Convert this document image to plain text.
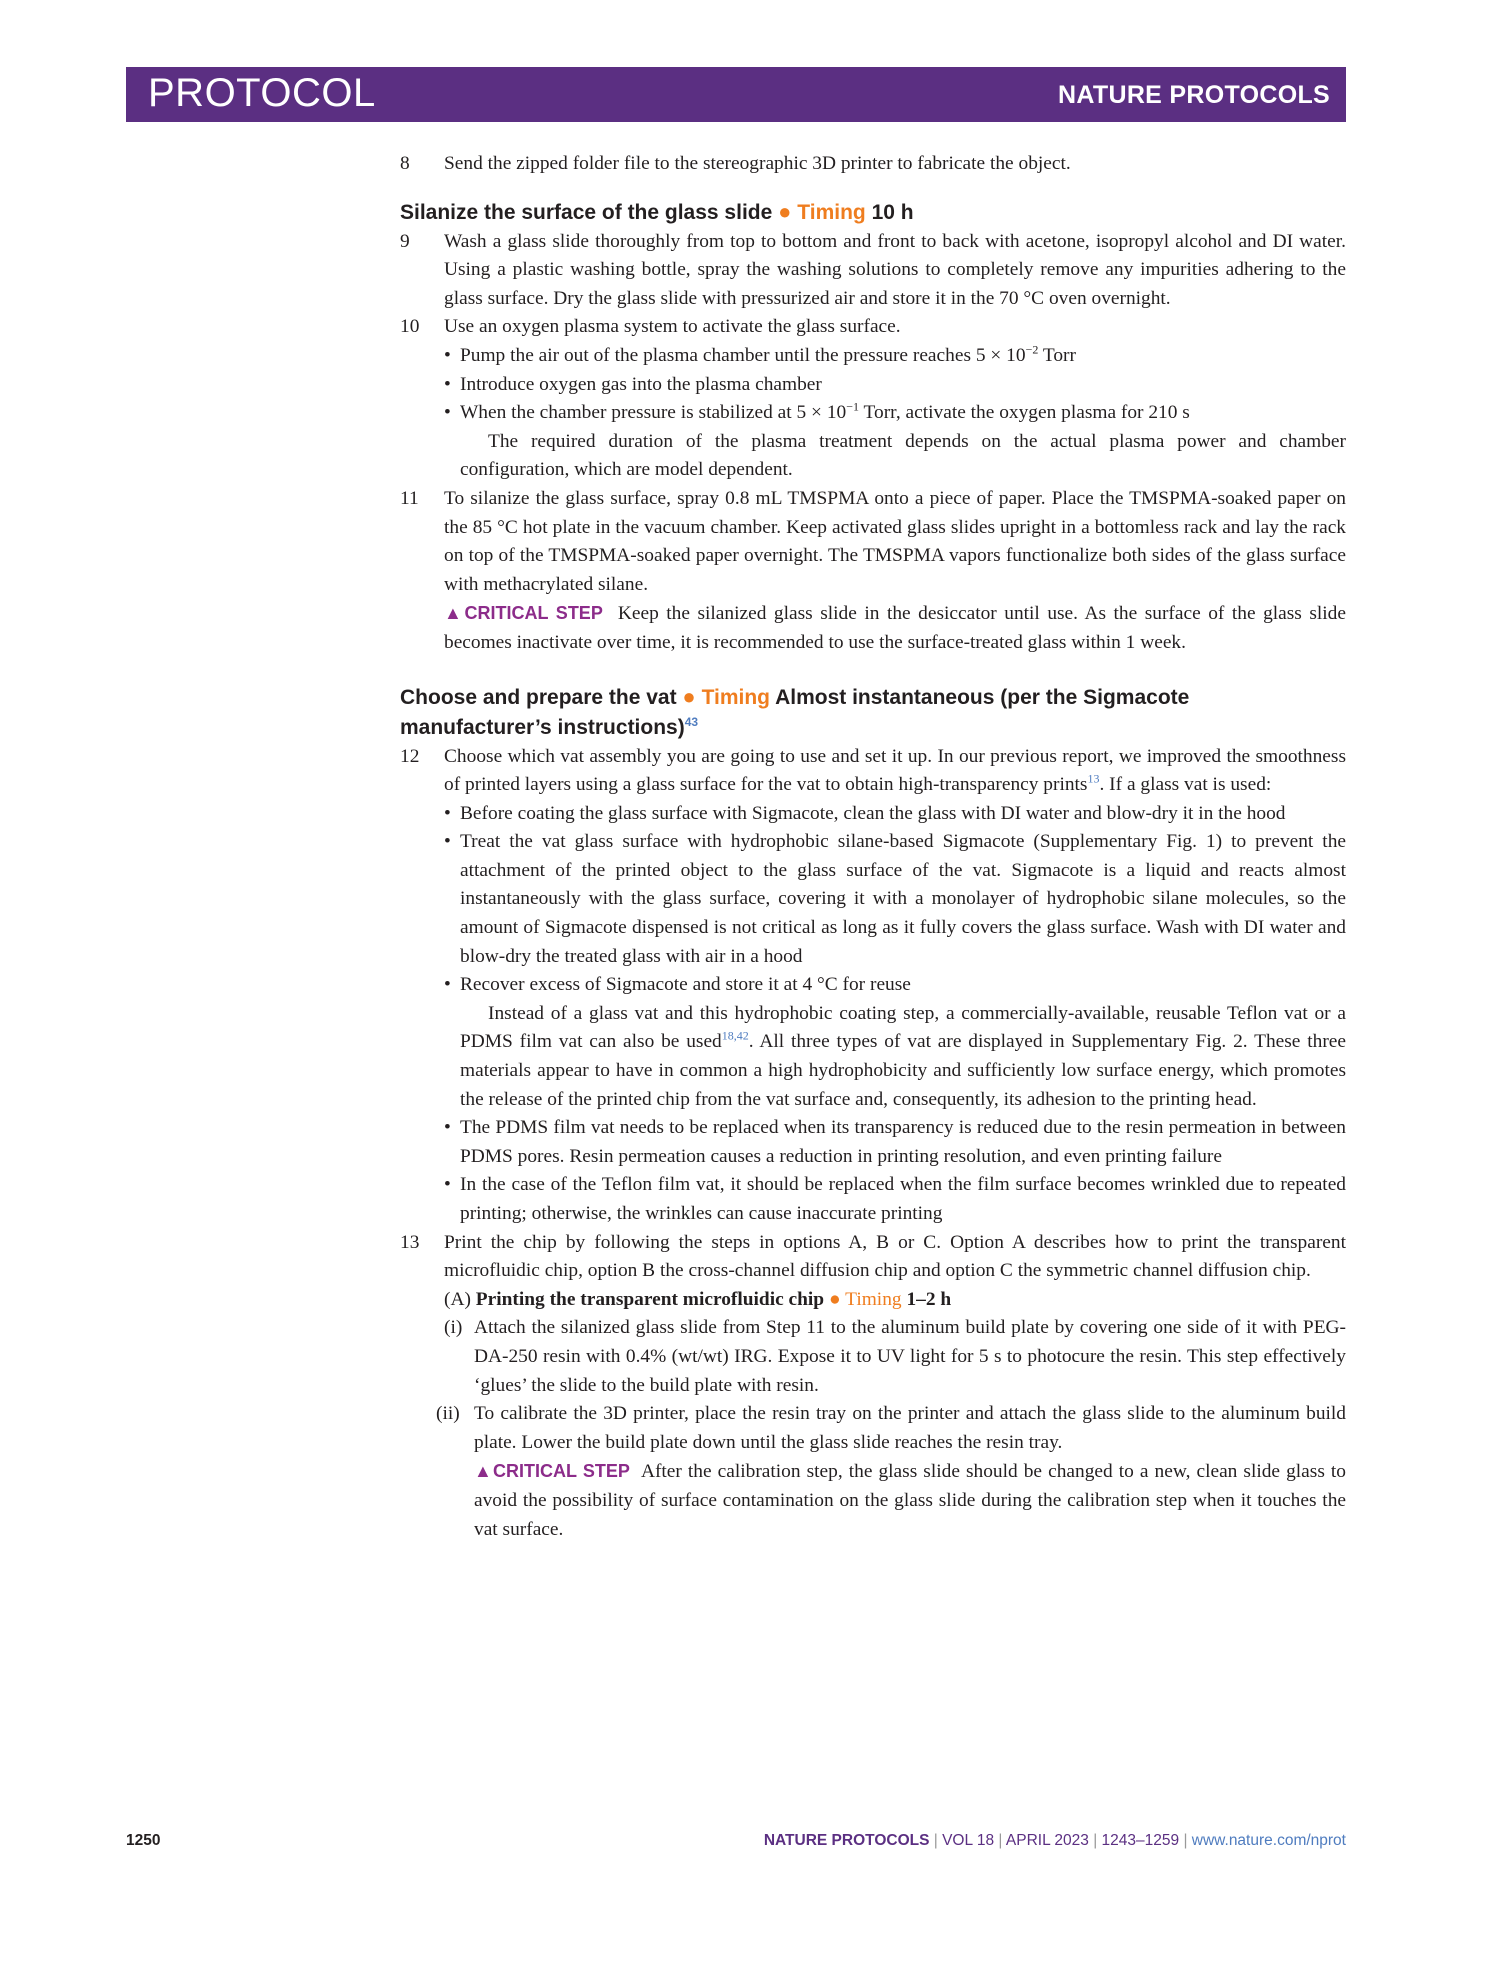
PROTOCOL	NATURE PROTOCOLS

8 Send the zipped folder file to the stereographic 3D printer to fabricate the object.

Silanize the surface of the glass slide ● Timing 10 h

9 Wash a glass slide thoroughly from top to bottom and front to back with acetone, isopropyl alcohol and DI water. Using a plastic washing bottle, spray the washing solutions to completely remove any impurities adhering to the glass surface. Dry the glass slide with pressurized air and store it in the 70 °C oven overnight.

10 Use an oxygen plasma system to activate the glass surface.

• Pump the air out of the plasma chamber until the pressure reaches $5 \times 10^{-2}$ Torr

• Introduce oxygen gas into the plasma chamber

• When the chamber pressure is stabilized at $5 \times 10^{-1}$ Torr, activate the oxygen plasma for 210 s

The required duration of the plasma treatment depends on the actual plasma power and chamber configuration, which are model dependent.

11 To silanize the glass surface, spray 0.8 mL TMSPMA onto a piece of paper. Place the TMSPMA-soaked paper on the 85 °C hot plate in the vacuum chamber. Keep activated glass slides upright in a bottomless rack and lay the rack on top of the TMSPMA-soaked paper overnight. The TMSPMA vapors functionalize both sides of the glass surface with methacrylated silane.

▲CRITICAL STEP Keep the silanized glass slide in the desiccator until use. As the surface of the glass slide becomes inactivate over time, it is recommended to use the surface-treated glass within 1 week.

Choose and prepare the vat ● Timing Almost instantaneous (per the Sigmacote manufacturer’s instructions)$^{43}$
12 Choose which vat assembly you are going to use and set it up. In our previous report, we improved the smoothness of printed layers using a glass surface for the vat to obtain high-transparency prints$^{13}$. If a glass vat is used:

• Before coating the glass surface with Sigmacote, clean the glass with DI water and blow-dry it in the hood

• Treat the vat glass surface with hydrophobic silane-based Sigmacote (Supplementary Fig. 1) to prevent the attachment of the printed object to the glass surface of the vat. Sigmacote is a liquid and reacts almost instantaneously with the glass surface, covering it with a monolayer of hydrophobic silane molecules, so the amount of Sigmacote dispensed is not critical as long as it fully covers the glass surface. Wash with DI water and blow-dry the treated glass with air in a hood

• Recover excess of Sigmacote and store it at 4 °C for reuse

Instead of a glass vat and this hydrophobic coating step, a commercially-available, reusable Teflon vat or a PDMS film vat can also be used$^{18,42}$. All three types of vat are displayed in Supplementary Fig. 2. These three materials appear to have in common a high hydrophobicity and sufficiently low surface energy, which promotes the release of the printed chip from the vat surface and, consequently, its adhesion to the printing head.

• The PDMS film vat needs to be replaced when its transparency is reduced due to the resin permeation in between PDMS pores. Resin permeation causes a reduction in printing resolution, and even printing failure

• In the case of the Teflon film vat, it should be replaced when the film surface becomes wrinkled due to repeated printing; otherwise, the wrinkles can cause inaccurate printing

13 Print the chip by following the steps in options A, B or C. Option A describes how to print the transparent microfluidic chip, option B the cross-channel diffusion chip and option C the symmetric channel diffusion chip.

(A) Printing the transparent microfluidic chip ● Timing 1–2 h

(i) Attach the silanized glass slide from Step 11 to the aluminum build plate by covering one side of it with PEG-DA-250 resin with 0.4% (wt/wt) IRG. Expose it to UV light for 5 s to photocure the resin. This step effectively ‘glues’ the slide to the build plate with resin.

(ii) To calibrate the 3D printer, place the resin tray on the printer and attach the glass slide to the aluminum build plate. Lower the build plate down until the glass slide reaches the resin tray.

▲CRITICAL STEP After the calibration step, the glass slide should be changed to a new, clean slide glass to avoid the possibility of surface contamination on the glass slide during the calibration step when it touches the vat surface.

1250	NATURE PROTOCOLS | VOL 18 | APRIL 2023 | 1243–1259 | www.nature.com/nprot
